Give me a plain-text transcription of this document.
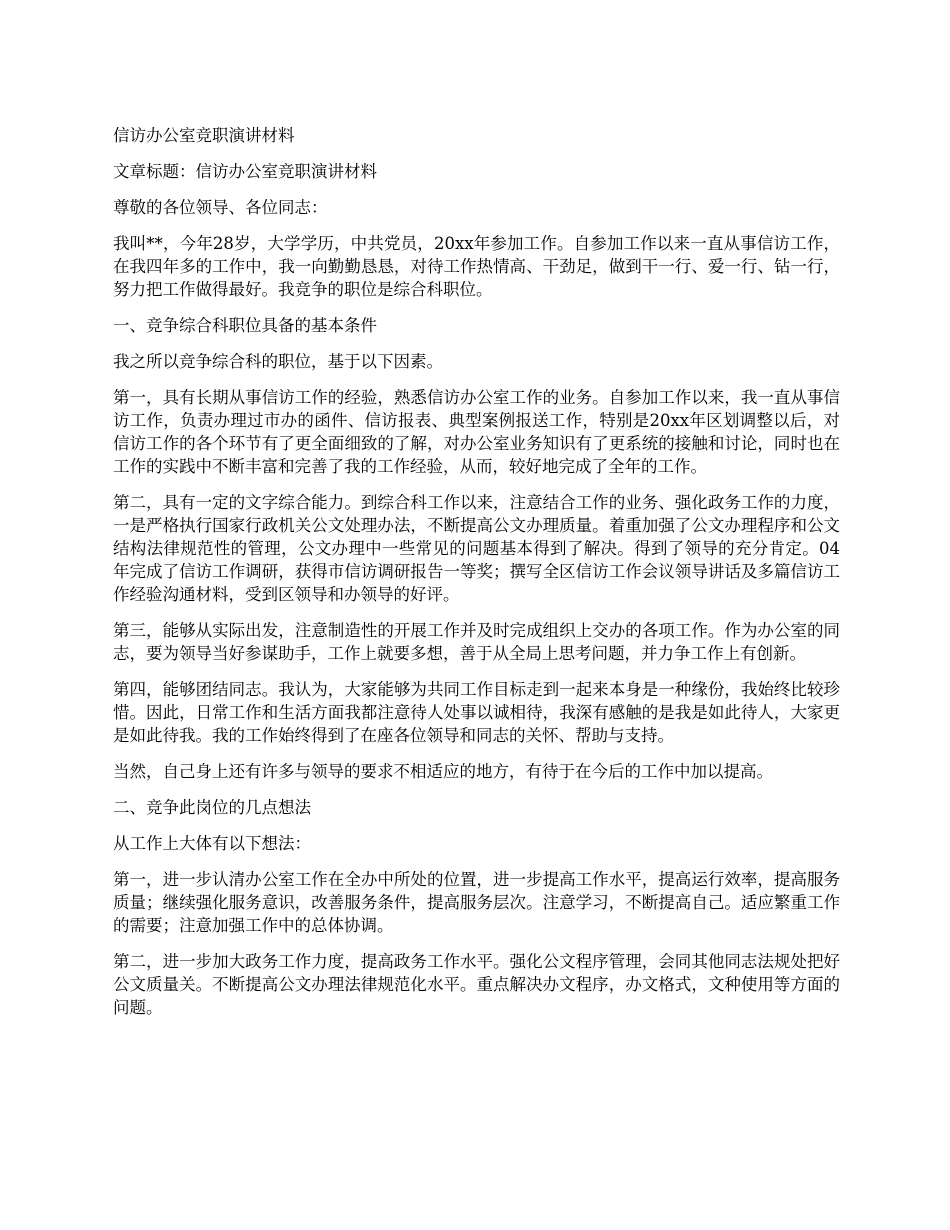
信访办公室竞职演讲材料

文章标题：信访办公室竞职演讲材料

尊敬的各位领导、各位同志：

我叫**，今年28岁，大学学历，中共党员，20xx年参加工作。自参加工作以来一直从事信访工作，在我四年多的工作中，我一向勤勤恳恳，对待工作热情高、干劲足，做到干一行、爱一行、钻一行，努力把工作做得最好。我竞争的职位是综合科职位。

一、竞争综合科职位具备的基本条件

我之所以竞争综合科的职位，基于以下因素。

第一，具有长期从事信访工作的经验，熟悉信访办公室工作的业务。自参加工作以来，我一直从事信访工作，负责办理过市办的函件、信访报表、典型案例报送工作，特别是20xx年区划调整以后，对信访工作的各个环节有了更全面细致的了解，对办公室业务知识有了更系统的接触和讨论，同时也在工作的实践中不断丰富和完善了我的工作经验，从而，较好地完成了全年的工作。

第二，具有一定的文字综合能力。到综合科工作以来，注意结合工作的业务、强化政务工作的力度，一是严格执行国家行政机关公文处理办法，不断提高公文办理质量。着重加强了公文办理程序和公文结构法律规范性的管理，公文办理中一些常见的问题基本得到了解决。得到了领导的充分肯定。04年完成了信访工作调研，获得市信访调研报告一等奖；撰写全区信访工作会议领导讲话及多篇信访工作经验沟通材料，受到区领导和办领导的好评。

第三，能够从实际出发，注意制造性的开展工作并及时完成组织上交办的各项工作。作为办公室的同志，要为领导当好参谋助手，工作上就要多想，善于从全局上思考问题，并力争工作上有创新。

第四，能够团结同志。我认为，大家能够为共同工作目标走到一起来本身是一种缘份，我始终比较珍惜。因此，日常工作和生活方面我都注意待人处事以诚相待，我深有感触的是我是如此待人，大家更是如此待我。我的工作始终得到了在座各位领导和同志的关怀、帮助与支持。

当然，自己身上还有许多与领导的要求不相适应的地方，有待于在今后的工作中加以提高。

二、竞争此岗位的几点想法

从工作上大体有以下想法：

第一，进一步认清办公室工作在全办中所处的位置，进一步提高工作水平，提高运行效率，提高服务质量；继续强化服务意识，改善服务条件，提高服务层次。注意学习，不断提高自己。适应繁重工作的需要；注意加强工作中的总体协调。

第二，进一步加大政务工作力度，提高政务工作水平。强化公文程序管理，会同其他同志法规处把好公文质量关。不断提高公文办理法律规范化水平。重点解决办文程序，办文格式，文种使用等方面的问题。
